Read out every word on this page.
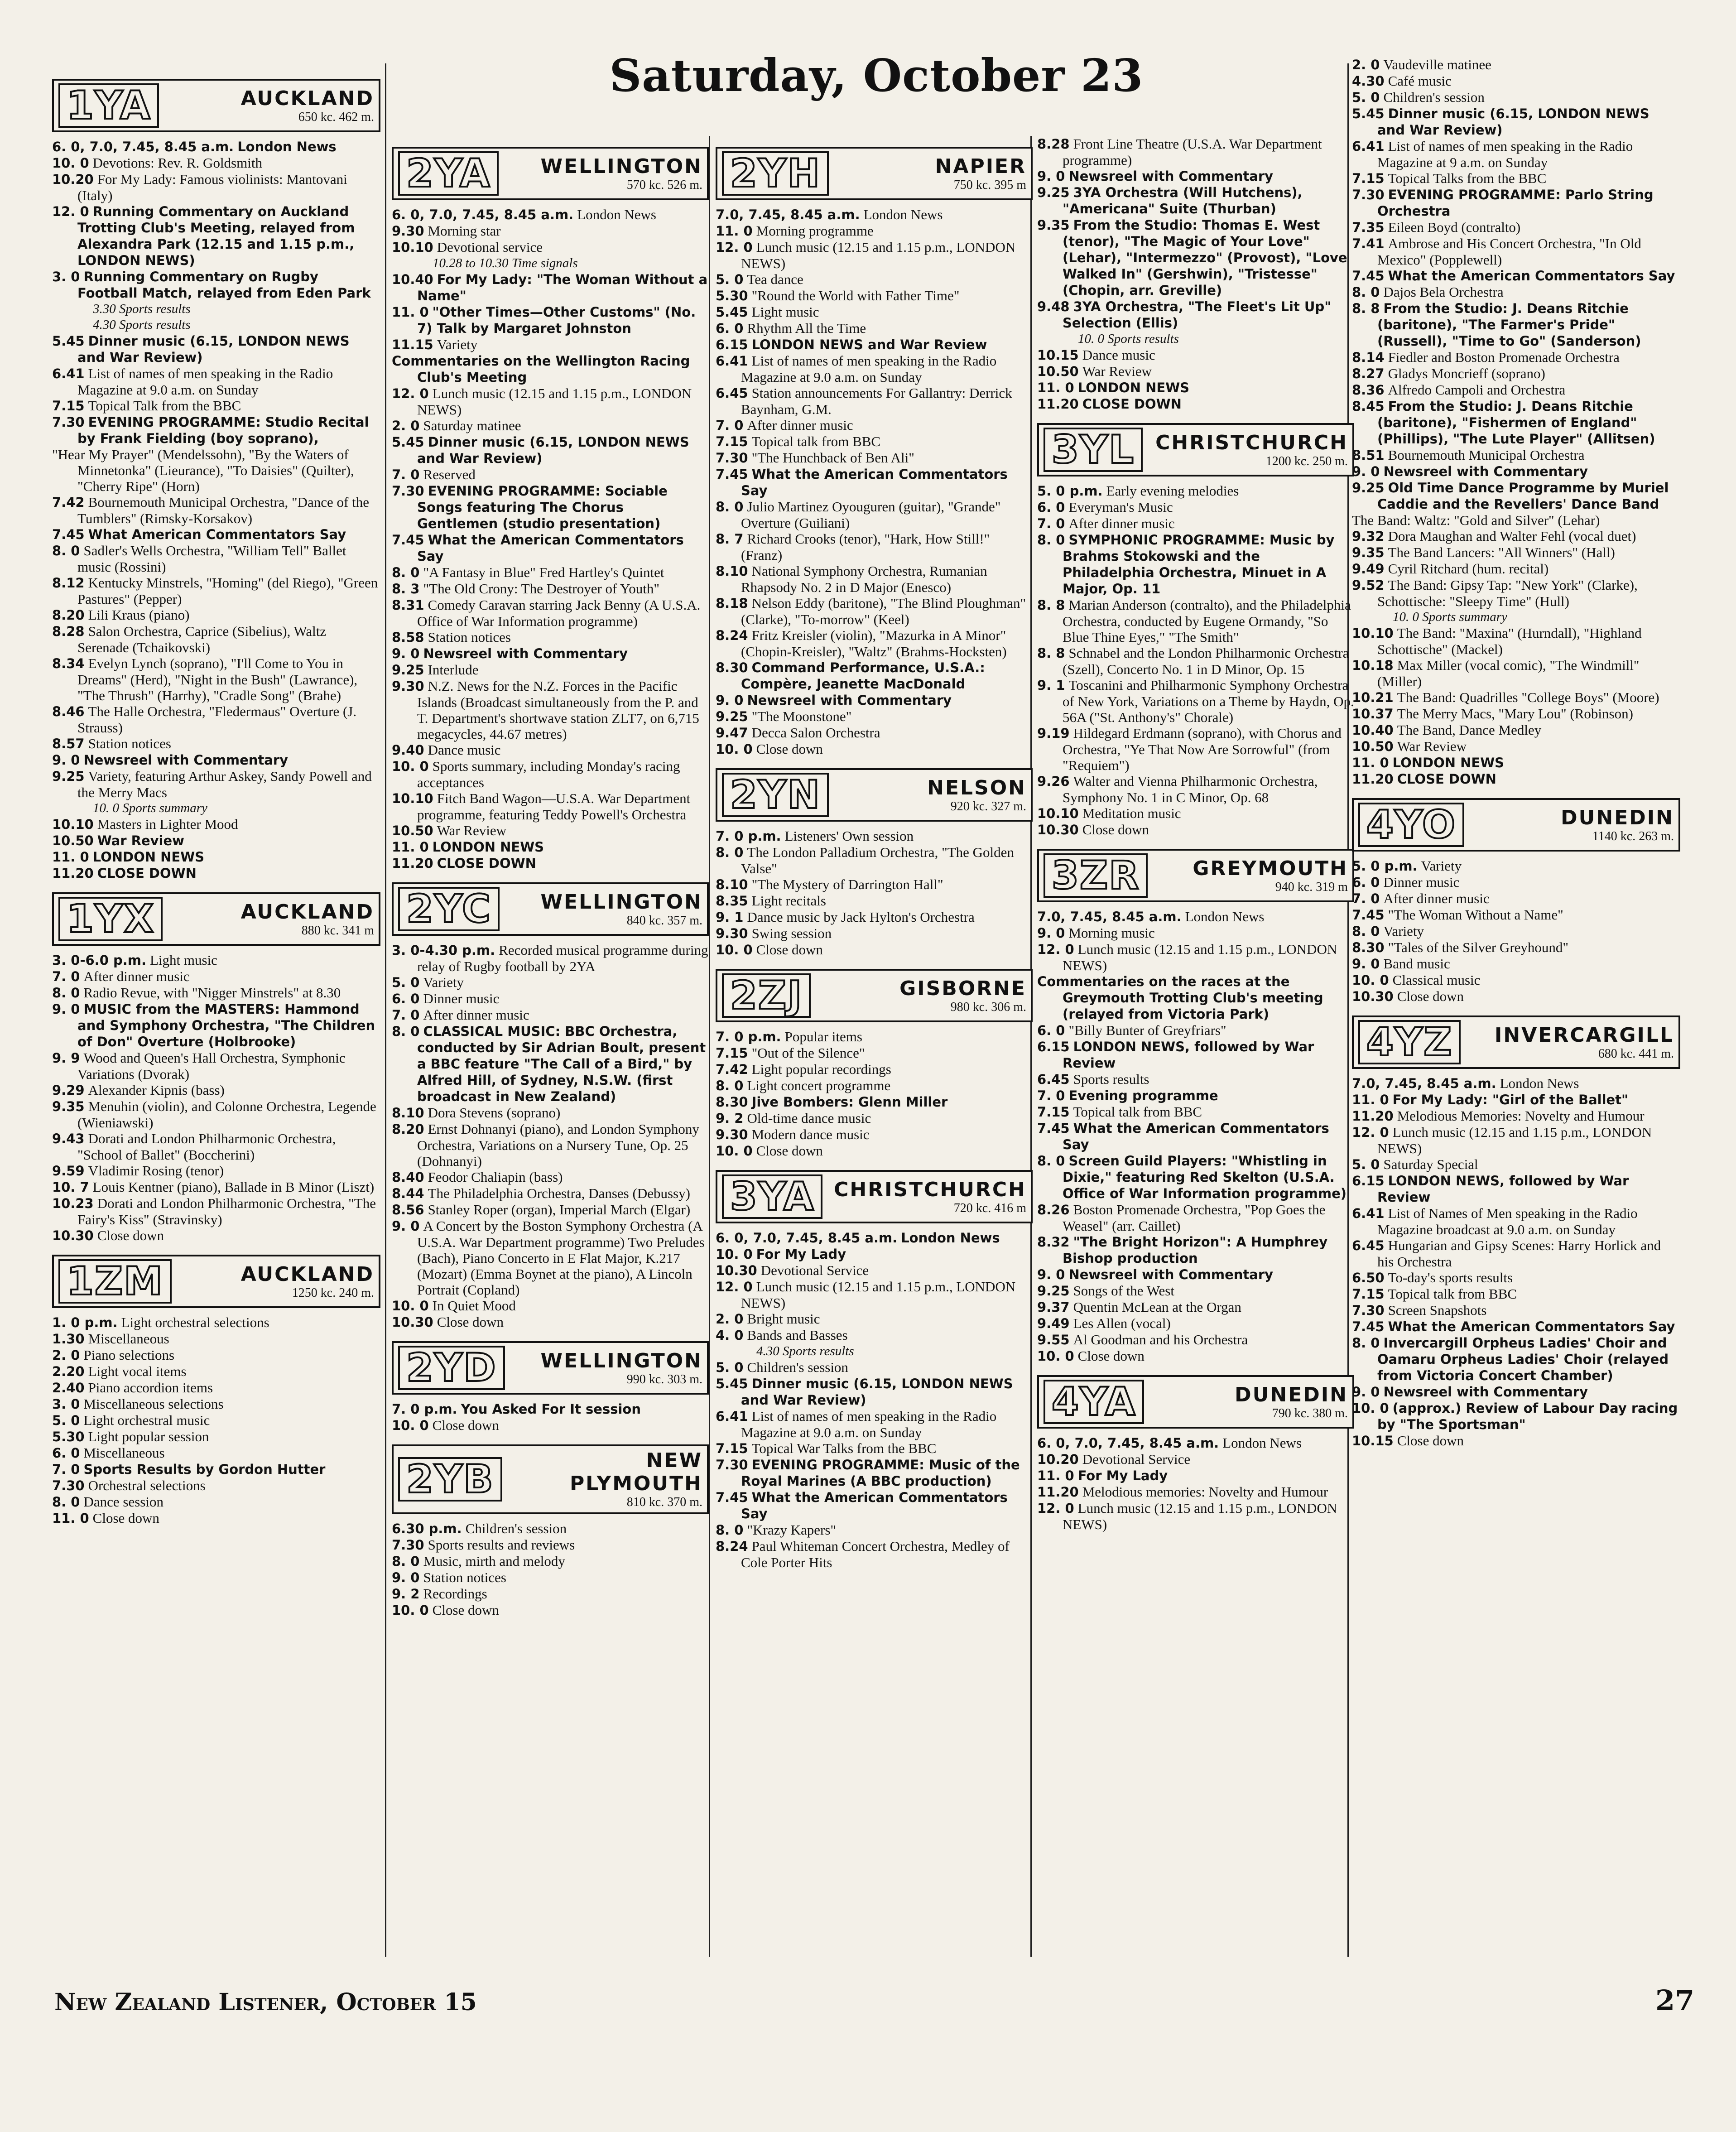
Saturday, October 23
1YA	AUCKLAND
650 kc. 462 m.
6. 0, 7.0, 7.45, 8.45 a.m. London News
10. 0 Devotions: Rev. R. Goldsmith
10.20 For My Lady: Famous violinists: Mantovani (Italy)
12. 0 Running Commentary on Auckland Trotting Club's Meeting, relayed from Alexandra Park (12.15 and 1.15 p.m., LONDON NEWS)
3. 0 Running Commentary on Rugby Football Match, relayed from Eden Park
3.30 Sports results
4.30 Sports results
5.45 Dinner music (6.15, LONDON NEWS and War Review)
6.41 List of names of men speaking in the Radio Magazine at 9.0 a.m. on Sunday
7.15 Topical Talk from the BBC
7.30 EVENING PROGRAMME: Studio Recital by Frank Fielding (boy soprano),
"Hear My Prayer" (Mendelssohn), "By the Waters of Minnetonka" (Lieurance), "To Daisies" (Quilter), "Cherry Ripe" (Horn)
7.42 Bournemouth Municipal Orchestra, "Dance of the Tumblers" (Rimsky-Korsakov)
7.45 What American Commentators Say
8. 0 Sadler's Wells Orchestra, "William Tell" Ballet music (Rossini)
8.12 Kentucky Minstrels, "Homing" (del Riego), "Green Pastures" (Pepper)
8.20 Lili Kraus (piano)
8.28 Salon Orchestra, Caprice (Sibelius), Waltz Serenade (Tchaikovski)
8.34 Evelyn Lynch (soprano), "I'll Come to You in Dreams" (Herd), "Night in the Bush" (Lawrance), "The Thrush" (Harrhy), "Cradle Song" (Brahe)
8.46 The Halle Orchestra, "Fledermaus" Overture (J. Strauss)
8.57 Station notices
9. 0 Newsreel with Commentary
9.25 Variety, featuring Arthur Askey, Sandy Powell and the Merry Macs
10. 0 Sports summary
10.10 Masters in Lighter Mood
10.50 War Review
11. 0 LONDON NEWS
11.20 CLOSE DOWN
1YX	AUCKLAND
880 kc. 341 m
3. 0-6.0 p.m. Light music
7. 0 After dinner music
8. 0 Radio Revue, with "Nigger Minstrels" at 8.30
9. 0 MUSIC from the MASTERS: Hammond and Symphony Orchestra, "The Children of Don" Overture (Holbrooke)
9. 9 Wood and Queen's Hall Orchestra, Symphonic Variations (Dvorak)
9.29 Alexander Kipnis (bass)
9.35 Menuhin (violin), and Colonne Orchestra, Legende (Wieniawski)
9.43 Dorati and London Philharmonic Orchestra, "School of Ballet" (Boccherini)
9.59 Vladimir Rosing (tenor)
10. 7 Louis Kentner (piano), Ballade in B Minor (Liszt)
10.23 Dorati and London Philharmonic Orchestra, "The Fairy's Kiss" (Stravinsky)
10.30 Close down
1ZM	AUCKLAND
1250 kc. 240 m.
1. 0 p.m. Light orchestral selections
1.30 Miscellaneous
2. 0 Piano selections
2.20 Light vocal items
2.40 Piano accordion items
3. 0 Miscellaneous selections
5. 0 Light orchestral music
5.30 Light popular session
6. 0 Miscellaneous
7. 0 Sports Results by Gordon Hutter
7.30 Orchestral selections
8. 0 Dance session
11. 0 Close down
2YA	WELLINGTON
570 kc. 526 m.
6. 0, 7.0, 7.45, 8.45 a.m. London News
9.30 Morning star
10.10 Devotional service
10.28 to 10.30 Time signals
10.40 For My Lady: "The Woman Without a Name"
11. 0 "Other Times—Other Customs" (No. 7) Talk by Margaret Johnston
11.15 Variety
Commentaries on the Wellington Racing Club's Meeting
12. 0 Lunch music (12.15 and 1.15 p.m., LONDON NEWS)
2. 0 Saturday matinee
5.45 Dinner music (6.15, LONDON NEWS and War Review)
7. 0 Reserved
7.30 EVENING PROGRAMME: Sociable Songs featuring The Chorus Gentlemen (studio presentation)
7.45 What the American Commentators Say
8. 0 "A Fantasy in Blue" Fred Hartley's Quintet
8. 3 "The Old Crony: The Destroyer of Youth"
8.31 Comedy Caravan starring Jack Benny (A U.S.A. Office of War Information programme)
8.58 Station notices
9. 0 Newsreel with Commentary
9.25 Interlude
9.30 N.Z. News for the N.Z. Forces in the Pacific Islands (Broadcast simultaneously from the P. and T. Department's shortwave station ZLT7, on 6,715 megacycles, 44.67 metres)
9.40 Dance music
10. 0 Sports summary, including Monday's racing acceptances
10.10 Fitch Band Wagon—U.S.A. War Department programme, featuring Teddy Powell's Orchestra
10.50 War Review
11. 0 LONDON NEWS
11.20 CLOSE DOWN
2YC	WELLINGTON
840 kc. 357 m.
3. 0-4.30 p.m. Recorded musical programme during relay of Rugby football by 2YA
5. 0 Variety
6. 0 Dinner music
7. 0 After dinner music
8. 0 CLASSICAL MUSIC: BBC Orchestra, conducted by Sir Adrian Boult, present a BBC feature "The Call of a Bird," by Alfred Hill, of Sydney, N.S.W. (first broadcast in New Zealand)
8.10 Dora Stevens (soprano)
8.20 Ernst Dohnanyi (piano), and London Symphony Orchestra, Variations on a Nursery Tune, Op. 25 (Dohnanyi)
8.40 Feodor Chaliapin (bass)
8.44 The Philadelphia Orchestra, Danses (Debussy)
8.56 Stanley Roper (organ), Imperial March (Elgar)
9. 0 A Concert by the Boston Symphony Orchestra (A U.S.A. War Department programme) Two Preludes (Bach), Piano Concerto in E Flat Major, K.217 (Mozart) (Emma Boynet at the piano), A Lincoln Portrait (Copland)
10. 0 In Quiet Mood
10.30 Close down
2YD	WELLINGTON
990 kc. 303 m.
7. 0 p.m. You Asked For It session
10. 0 Close down
2YB	NEW PLYMOUTH
810 kc. 370 m.
6.30 p.m. Children's session
7.30 Sports results and reviews
8. 0 Music, mirth and melody
9. 0 Station notices
9. 2 Recordings
10. 0 Close down
2YH	NAPIER
750 kc. 395 m
7.0, 7.45, 8.45 a.m. London News
11. 0 Morning programme
12. 0 Lunch music (12.15 and 1.15 p.m., LONDON NEWS)
5. 0 Tea dance
5.30 "Round the World with Father Time"
5.45 Light music
6. 0 Rhythm All the Time
6.15 LONDON NEWS and War Review
6.41 List of names of men speaking in the Radio Magazine at 9.0 a.m. on Sunday
6.45 Station announcements For Gallantry: Derrick Baynham, G.M.
7. 0 After dinner music
7.15 Topical talk from BBC
7.30 "The Hunchback of Ben Ali"
7.45 What the American Commentators Say
8. 0 Julio Martinez Oyouguren (guitar), "Grande" Overture (Guiliani)
8. 7 Richard Crooks (tenor), "Hark, How Still!" (Franz)
8.10 National Symphony Orchestra, Rumanian Rhapsody No. 2 in D Major (Enesco)
8.18 Nelson Eddy (baritone), "The Blind Ploughman" (Clarke), "To-morrow" (Keel)
8.24 Fritz Kreisler (violin), "Mazurka in A Minor" (Chopin-Kreisler), "Waltz" (Brahms-Hocksten)
8.30 Command Performance, U.S.A.: Compère, Jeanette MacDonald
9. 0 Newsreel with Commentary
9.25 "The Moonstone"
9.47 Decca Salon Orchestra
10. 0 Close down
2YN	NELSON
920 kc. 327 m.
7. 0 p.m. Listeners' Own session
8. 0 The London Palladium Orchestra, "The Golden Valse"
8.10 "The Mystery of Darrington Hall"
8.35 Light recitals
9. 1 Dance music by Jack Hylton's Orchestra
9.30 Swing session
10. 0 Close down
2ZJ	GISBORNE
980 kc. 306 m.
7. 0 p.m. Popular items
7.15 "Out of the Silence"
7.42 Light popular recordings
8. 0 Light concert programme
8.30 Jive Bombers: Glenn Miller
9. 2 Old-time dance music
9.30 Modern dance music
10. 0 Close down
3YA CHRISTCHURCH
720 kc. 416 m
6. 0, 7.0, 7.45, 8.45 a.m. London News
10. 0 For My Lady
10.30 Devotional Service
12. 0 Lunch music (12.15 and 1.15 p.m., LONDON NEWS)
2. 0 Bright music
4. 0 Bands and Basses
4.30 Sports results
5. 0 Children's session
5.45 Dinner music (6.15, LONDON NEWS and War Review)
6.41 List of names of men speaking in the Radio Magazine at 9.0 a.m. on Sunday
7.15 Topical War Talks from the BBC
7.30 EVENING PROGRAMME: Music of the Royal Marines (A BBC production)
7.45 What the American Commentators Say
8. 0 "Krazy Kapers"
8.24 Paul Whiteman Concert Orchestra, Medley of Cole Porter Hits
8.28 Front Line Theatre (U.S.A. War Department programme)
9. 0 Newsreel with Commentary
9.25 3YA Orchestra (Will Hutchens), "Americana" Suite (Thurban)
9.35 From the Studio: Thomas E. West (tenor), "The Magic of Your Love" (Lehar), "Intermezzo" (Provost), "Love Walked In" (Gershwin), "Tristesse" (Chopin, arr. Greville)
9.48 3YA Orchestra, "The Fleet's Lit Up" Selection (Ellis)
10. 0 Sports results
10.15 Dance music
10.50 War Review
11. 0 LONDON NEWS
11.20 CLOSE DOWN
3YL	CHRISTCHURCH
1200 kc. 250 m.
5. 0 p.m. Early evening melodies
6. 0 Everyman's Music
7. 0 After dinner music
8. 0 SYMPHONIC PROGRAMME: Music by Brahms Stokowski and the Philadelphia Orchestra, Minuet in A Major, Op. 11
8. 8 Marian Anderson (contralto), and the Philadelphia Orchestra, conducted by Eugene Ormandy, "So Blue Thine Eyes," "The Smith"
8. 8 Schnabel and the London Philharmonic Orchestra (Szell), Concerto No. 1 in D Minor, Op. 15
9. 1 Toscanini and Philharmonic Symphony Orchestra of New York, Variations on a Theme by Haydn, Op. 56A ("St. Anthony's" Chorale)
9.19 Hildegard Erdmann (soprano), with Chorus and Orchestra, "Ye That Now Are Sorrowful" (from "Requiem")
9.26 Walter and Vienna Philharmonic Orchestra, Symphony No. 1 in C Minor, Op. 68
10.10 Meditation music
10.30 Close down
3ZR	GREYMOUTH
940 kc. 319 m
7.0, 7.45, 8.45 a.m. London News
9. 0 Morning music
12. 0 Lunch music (12.15 and 1.15 p.m., LONDON NEWS)
Commentaries on the races at the Greymouth Trotting Club's meeting (relayed from Victoria Park)
6. 0 "Billy Bunter of Greyfriars"
6.15 LONDON NEWS, followed by War Review
6.45 Sports results
7. 0 Evening programme
7.15 Topical talk from BBC
7.45 What the American Commentators Say
8. 0 Screen Guild Players: "Whistling in Dixie," featuring Red Skelton (U.S.A. Office of War Information programme)
8.26 Boston Promenade Orchestra, "Pop Goes the Weasel" (arr. Caillet)
8.32 "The Bright Horizon": A Humphrey Bishop production
9. 0 Newsreel with Commentary
9.25 Songs of the West
9.37 Quentin McLean at the Organ
9.49 Les Allen (vocal)
9.55 Al Goodman and his Orchestra
10. 0 Close down
4YA	DUNEDIN
790 kc. 380 m.
6. 0, 7.0, 7.45, 8.45 a.m. London News
10.20 Devotional Service
11. 0 For My Lady
11.20 Melodious memories: Novelty and Humour
12. 0 Lunch music (12.15 and 1.15 p.m., LONDON NEWS)
2. 0 Vaudeville matinee
4.30 Café music
5. 0 Children's session
5.45 Dinner music (6.15, LONDON NEWS and War Review)
6.41 List of names of men speaking in the Radio Magazine at 9 a.m. on Sunday
7.15 Topical Talks from the BBC
7.30 EVENING PROGRAMME: Parlo String Orchestra
7.35 Eileen Boyd (contralto)
7.41 Ambrose and His Concert Orchestra, "In Old Mexico" (Popplewell)
7.45 What the American Commentators Say
8. 0 Dajos Bela Orchestra
8. 8 From the Studio: J. Deans Ritchie (baritone), "The Farmer's Pride" (Russell), "Time to Go" (Sanderson)
8.14 Fiedler and Boston Promenade Orchestra
8.27 Gladys Moncrieff (soprano)
8.36 Alfredo Campoli and Orchestra
8.45 From the Studio: J. Deans Ritchie (baritone), "Fishermen of England" (Phillips), "The Lute Player" (Allitsen)
8.51 Bournemouth Municipal Orchestra
9. 0 Newsreel with Commentary
9.25 Old Time Dance Programme by Muriel Caddie and the Revellers' Dance Band
The Band: Waltz: "Gold and Silver" (Lehar)
9.32 Dora Maughan and Walter Fehl (vocal duet)
9.35 The Band Lancers: "All Winners" (Hall)
9.49 Cyril Ritchard (hum. recital)
9.52 The Band: Gipsy Tap: "New York" (Clarke), Schottische: "Sleepy Time" (Hull)
10. 0 Sports summary
10.10 The Band: "Maxina" (Hurndall), "Highland Schottische" (Mackel)
10.18 Max Miller (vocal comic), "The Windmill" (Miller)
10.21 The Band: Quadrilles "College Boys" (Moore)
10.37 The Merry Macs, "Mary Lou" (Robinson)
10.40 The Band, Dance Medley
10.50 War Review
11. 0 LONDON NEWS
11.20 CLOSE DOWN
4YO	DUNEDIN
1140 kc. 263 m.
5. 0 p.m. Variety
6. 0 Dinner music
7. 0 After dinner music
7.45 "The Woman Without a Name"
8. 0 Variety
8.30 "Tales of the Silver Greyhound"
9. 0 Band music
10. 0 Classical music
10.30 Close down
4YZ	INVERCARGILL
680 kc. 441 m.
7.0, 7.45, 8.45 a.m. London News
11. 0 For My Lady: "Girl of the Ballet"
11.20 Melodious Memories: Novelty and Humour
12. 0 Lunch music (12.15 and 1.15 p.m., LONDON NEWS)
5. 0 Saturday Special
6.15 LONDON NEWS, followed by War Review
6.41 List of Names of Men speaking in the Radio Magazine broadcast at 9.0 a.m. on Sunday
6.45 Hungarian and Gipsy Scenes: Harry Horlick and his Orchestra
6.50 To-day's sports results
7.15 Topical talk from BBC
7.30 Screen Snapshots
7.45 What the American Commentators Say
8. 0 Invercargill Orpheus Ladies' Choir and Oamaru Orpheus Ladies' Choir (relayed from Victoria Concert Chamber)
9. 0 Newsreel with Commentary
10. 0 (approx.) Review of Labour Day racing by "The Sportsman"
10.15 Close down
New Zealand Listener, October 15	27
